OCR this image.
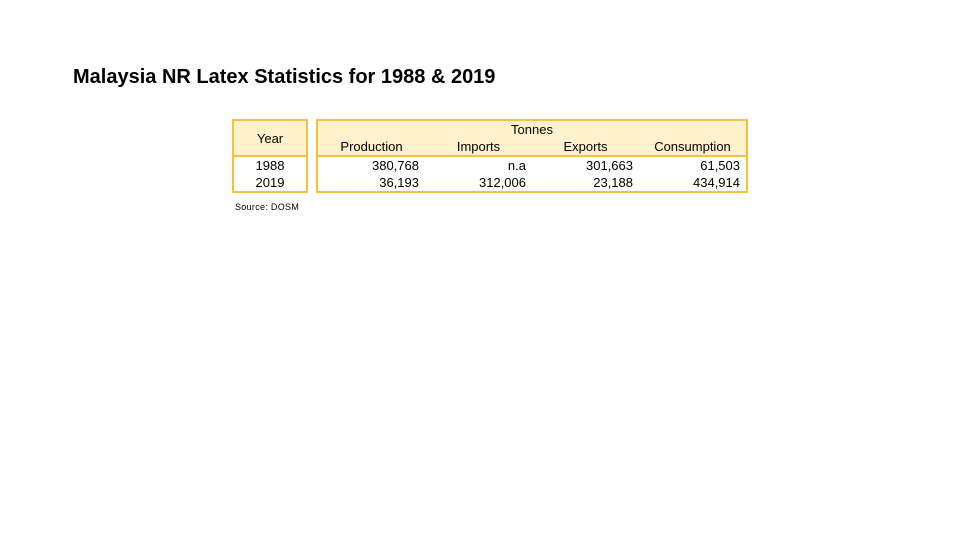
Malaysia NR Latex Statistics for 1988 & 2019
Year		Tonnes			
		Production	Imports	Exports	Consumption
1988		380,768	n.a	301,663	61,503
2019		36,193	312,006	23,188	434,914
Source: DOSM
